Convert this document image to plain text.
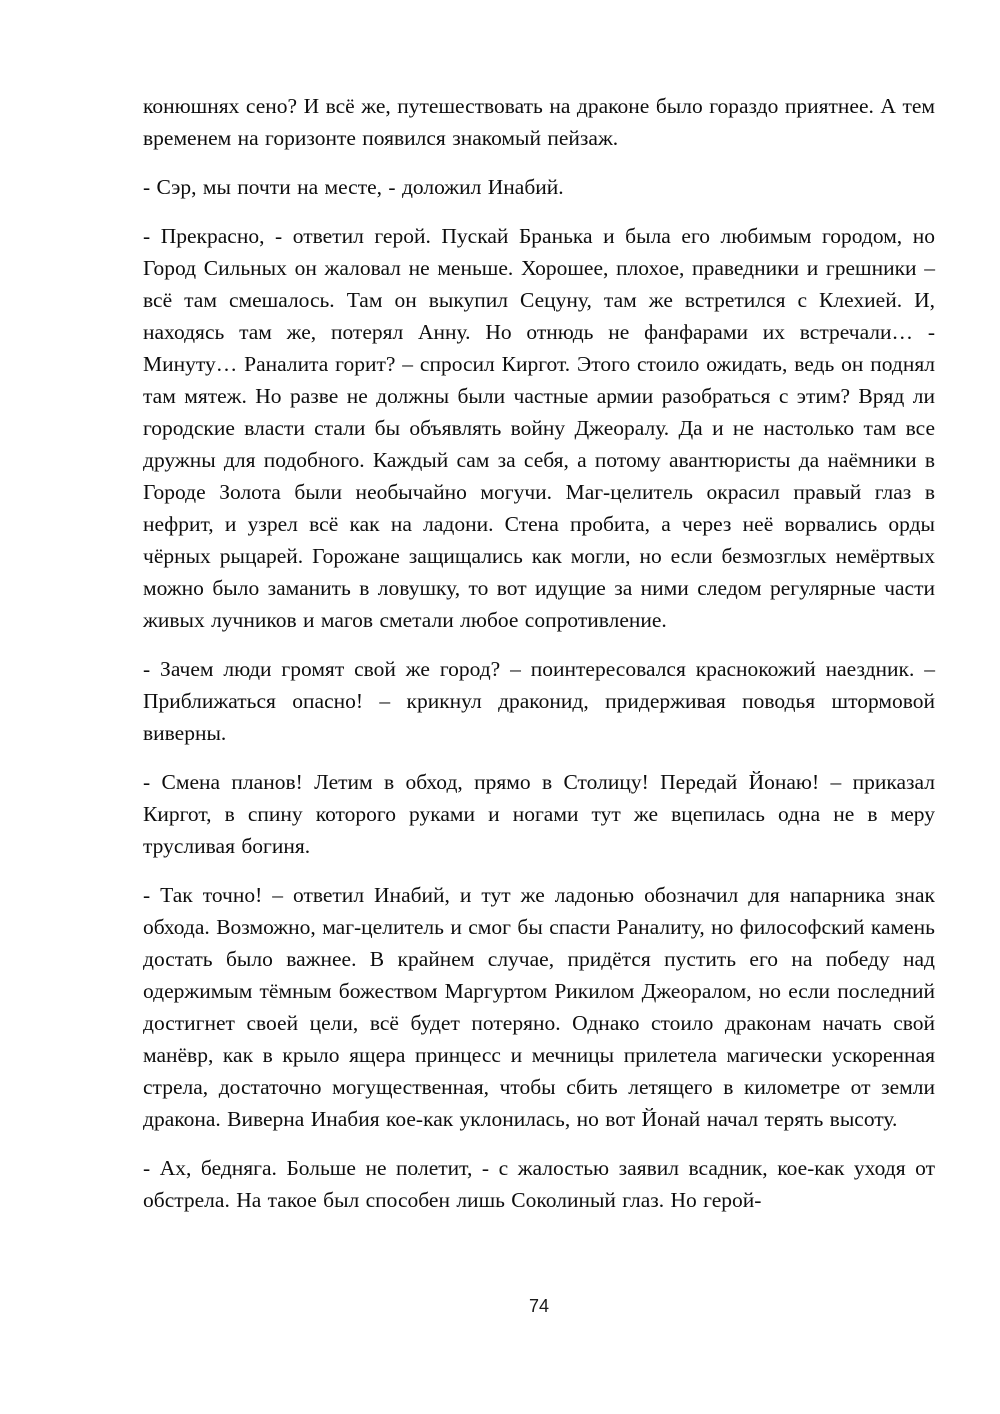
конюшнях сено? И всё же, путешествовать на драконе было гораздо приятнее. А тем временем на горизонте появился знакомый пейзаж.

- Сэр, мы почти на месте, - доложил Инабий.

- Прекрасно, - ответил герой. Пускай Бранька и была его любимым городом, но Город Сильных он жаловал не меньше. Хорошее, плохое, праведники и грешники – всё там смешалось. Там он выкупил Сецуну, там же встретился с Клехией. И, находясь там же, потерял Анну. Но отнюдь не фанфарами их встречали… - Минуту… Раналита горит? – спросил Киргот. Этого стоило ожидать, ведь он поднял там мятеж. Но разве не должны были частные армии разобраться с этим? Вряд ли городские власти стали бы объявлять войну Джеоралу. Да и не настолько там все дружны для подобного. Каждый сам за себя, а потому авантюристы да наёмники в Городе Золота были необычайно могучи. Маг-целитель окрасил правый глаз в нефрит, и узрел всё как на ладони. Стена пробита, а через неё ворвались орды чёрных рыцарей. Горожане защищались как могли, но если безмозглых немёртвых можно было заманить в ловушку, то вот идущие за ними следом регулярные части живых лучников и магов сметали любое сопротивление.

- Зачем люди громят свой же город? – поинтересовался краснокожий наездник. – Приближаться опасно! – крикнул драконид, придерживая поводья штормовой виверны.

- Смена планов! Летим в обход, прямо в Столицу! Передай Йонаю! – приказал Киргот, в спину которого руками и ногами тут же вцепилась одна не в меру трусливая богиня.

- Так точно! – ответил Инабий, и тут же ладонью обозначил для напарника знак обхода. Возможно, маг-целитель и смог бы спасти Раналиту, но философский камень достать было важнее. В крайнем случае, придётся пустить его на победу над одержимым тёмным божеством Маргуртом Рикилом Джеоралом, но если последний достигнет своей цели, всё будет потеряно. Однако стоило драконам начать свой манёвр, как в крыло ящера принцесс и мечницы прилетела магически ускоренная стрела, достаточно могущественная, чтобы сбить летящего в километре от земли дракона. Виверна Инабия кое-как уклонилась, но вот Йонай начал терять высоту.

- Ах, бедняга. Больше не полетит, - с жалостью заявил всадник, кое-как уходя от обстрела. На такое был способен лишь Соколиный глаз. Но герой-

74
